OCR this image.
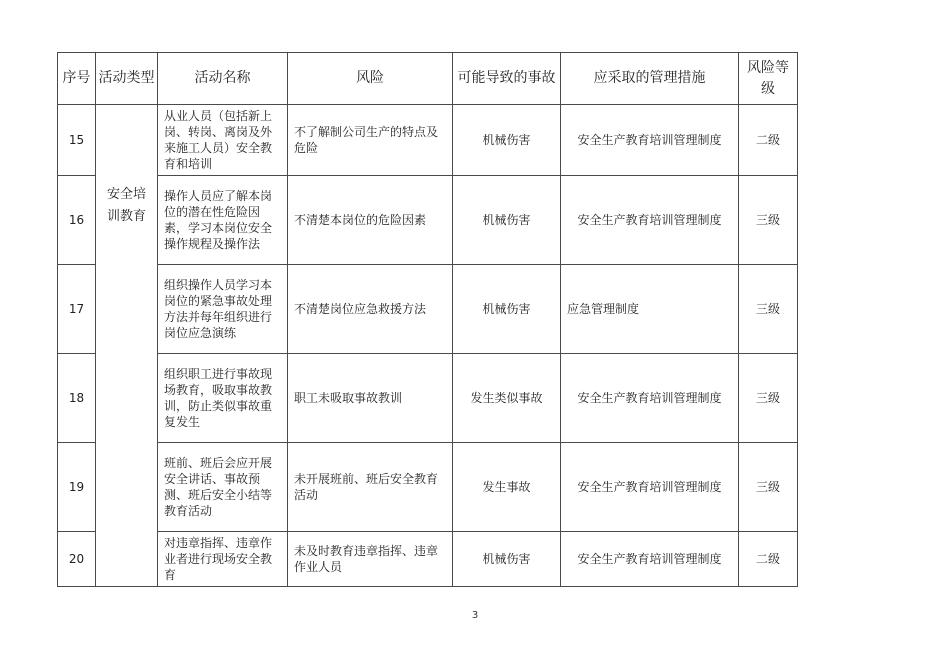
序号	活动类型	活动名称	风险	可能导致的事故	应采取的管理措施	风险等级
15		从业人员（包括新上岗、转岗、离岗及外来施工人员）安全教育和培训	不了解制公司生产的特点及危险	机械伤害	安全生产教育培训管理制度	二级
16	安全培训教育	操作人员应了解本岗位的潜在性危险因素，学习本岗位安全操作规程及操作法	不清楚本岗位的危险因素	机械伤害	安全生产教育培训管理制度	三级
17		组织操作人员学习本岗位的紧急事故处理方法并每年组织进行岗位应急演练	不清楚岗位应急救援方法	机械伤害	应急管理制度	三级
18		组织职工进行事故现场教育，吸取事故教训，防止类似事故重复发生	职工未吸取事故教训	发生类似事故	安全生产教育培训管理制度	三级
19		班前、班后会应开展安全讲话、事故预测、班后安全小结等教育活动	未开展班前、班后安全教育活动	发生事故	安全生产教育培训管理制度	三级
20		对违章指挥、违章作业者进行现场安全教育	未及时教育违章指挥、违章作业人员	机械伤害	安全生产教育培训管理制度	二级
3
